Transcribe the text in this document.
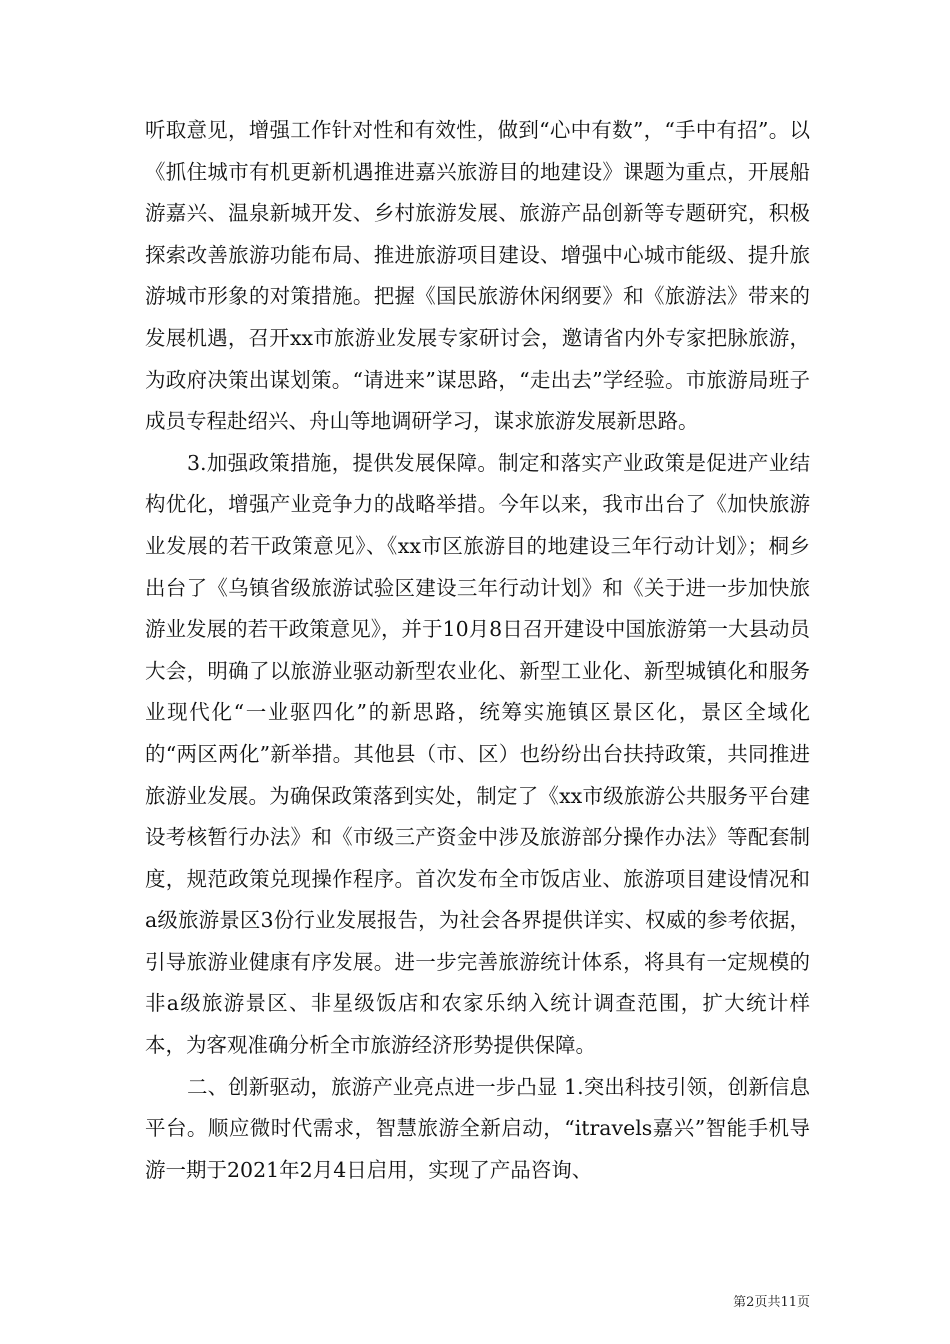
听取意见，增强工作针对性和有效性，做到“心中有数”，“手中有招”。以《抓住城市有机更新机遇推进嘉兴旅游目的地建设》课题为重点，开展船游嘉兴、温泉新城开发、乡村旅游发展、旅游产品创新等专题研究，积极探索改善旅游功能布局、推进旅游项目建设、增强中心城市能级、提升旅游城市形象的对策措施。把握《国民旅游休闲纲要》和《旅游法》带来的发展机遇，召开xx市旅游业发展专家研讨会，邀请省内外专家把脉旅游，为政府决策出谋划策。“请进来”谋思路，“走出去”学经验。市旅游局班子成员专程赴绍兴、舟山等地调研学习，谋求旅游发展新思路。

3.加强政策措施，提供发展保障。制定和落实产业政策是促进产业结构优化，增强产业竞争力的战略举措。今年以来，我市出台了《加快旅游业发展的若干政策意见》、《xx市区旅游目的地建设三年行动计划》；桐乡出台了《乌镇省级旅游试验区建设三年行动计划》和《关于进一步加快旅游业发展的若干政策意见》，并于10月8日召开建设中国旅游第一大县动员大会，明确了以旅游业驱动新型农业化、新型工业化、新型城镇化和服务业现代化“一业驱四化”的新思路，统筹实施镇区景区化，景区全域化的“两区两化”新举措。其他县（市、区）也纷纷出台扶持政策，共同推进旅游业发展。为确保政策落到实处，制定了《xx市级旅游公共服务平台建设考核暂行办法》和《市级三产资金中涉及旅游部分操作办法》等配套制度，规范政策兑现操作程序。首次发布全市饭店业、旅游项目建设情况和a级旅游景区3份行业发展报告，为社会各界提供详实、权威的参考依据，引导旅游业健康有序发展。进一步完善旅游统计体系，将具有一定规模的非a级旅游景区、非星级饭店和农家乐纳入统计调查范围，扩大统计样本，为客观准确分析全市旅游经济形势提供保障。

二、创新驱动，旅游产业亮点进一步凸显 1.突出科技引领，创新信息平台。顺应微时代需求，智慧旅游全新启动，“itravels嘉兴”智能手机导游一期于2021年2月4日启用，实现了产品咨询、

第2页共11页
